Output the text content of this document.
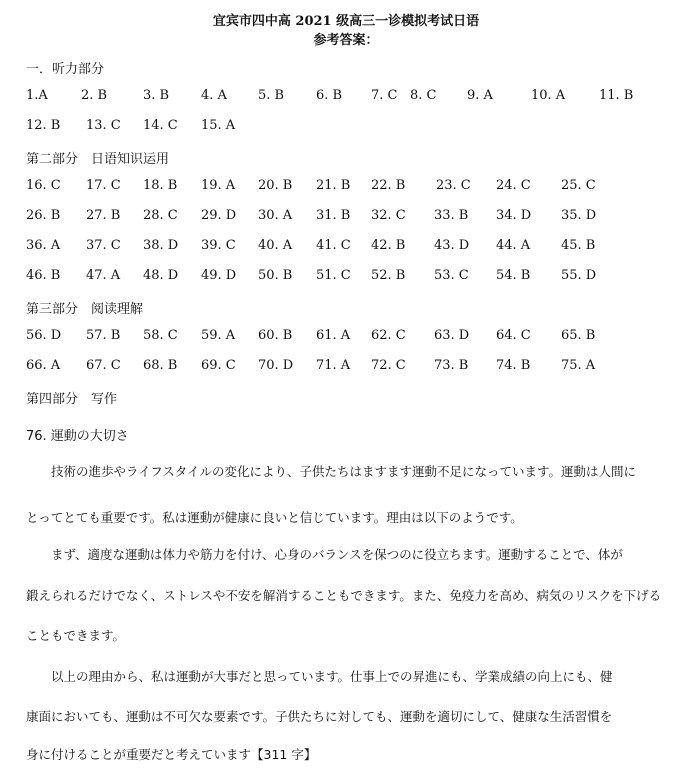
宜宾市四中高 2021 级高三一诊模拟考试日语
参考答案：
一．听力部分
1.A	2. B	3. B 4. A 5. B 6. B 7. C 8. C 9. A	10. A	11. B
12. B 13. C 14. C 15. A
第二部分　日语知识运用
16. C 17. C 18. B 19. A 20. B 21. B 22. B 23. C 24. C 25. C
26. B 27. B 28. C 29. D 30. A 31. B 32. C 33. B 34. D 35. D
36. A 37. C 38. D 39. C 40. A 41. C 42. B 43. D 44. A 45. B
46. B 47. A 48. D 49. D 50. B 51. C 52. B 53. C 54. B 55. D
第三部分　阅读理解
56. D 57. B 58. C 59. A 60. B 61. A 62. C 63. D 64. C 65. B
66. A 67. C 68. B 69. C 70. D 71. A 72. C 73. B 74. B 75. A
第四部分　写作
76. 運動の大切さ
　　技術の進歩やライフスタイルの変化により、子供たちはますます運動不足になっています。運動は人間に
とってとても重要です。私は運動が健康に良いと信じています。理由は以下のようです。
　　まず、適度な運動は体力や筋力を付け、心身のバランスを保つのに役立ちます。運動することで、体が
鍛えられるだけでなく、ストレスや不安を解消することもできます。また、免疫力を高め、病気のリスクを下げる
こともできます。
　　以上の理由から、私は運動が大事だと思っています。仕事上での昇進にも、学業成績の向上にも、健
康面においても、運動は不可欠な要素です。子供たちに対しても、運動を適切にして、健康な生活習慣を
身に付けることが重要だと考えています【311 字】
